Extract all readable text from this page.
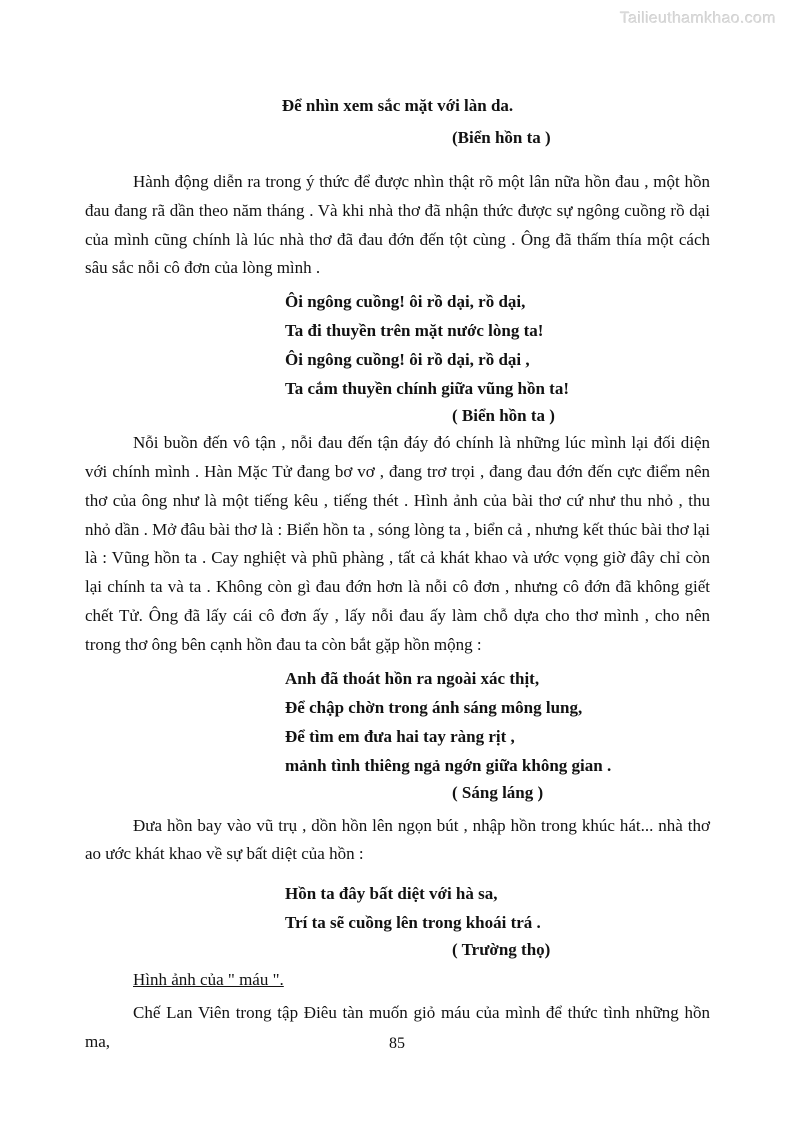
Tailieuthamkhao.com
Để nhìn xem sắc mặt với làn da.
(Biển hồn ta )

Hành động diễn ra trong ý thức để được nhìn thật rõ một lân nữa hồn đau , một hồn đau đang rã dần theo năm tháng . Và khi nhà thơ đã nhận thức được sự ngông cuồng rồ dại của mình cũng chính là lúc nhà thơ đã đau đớn đến tột cùng . Ông đã thấm thía một cách sâu sắc nỗi cô đơn của lòng mình .

Ôi ngông cuồng! ôi rồ dại, rồ dại,
Ta đi thuyền trên mặt nước lòng ta!
Ôi ngông cuồng! ôi rồ dại, rồ dại ,
Ta cắm thuyền chính giữa vũng hồn ta!
( Biển hồn ta )

Nỗi buồn đến vô tận , nỗi đau đến tận đáy đó chính là những lúc mình lại đối diện với chính mình . Hàn Mặc Tử đang bơ vơ , đang trơ trọi , đang đau đớn đến cực điểm nên thơ của ông như là một tiếng kêu , tiếng thét . Hình ảnh của bài thơ cứ như thu nhỏ , thu nhỏ dần . Mở đâu bài thơ là : Biển hồn ta , sóng lòng ta , biển cả , nhưng kết thúc bài thơ lại là : Vũng hồn ta . Cay nghiệt và phũ phàng , tất cả khát khao và ước vọng giờ đây chỉ còn lại chính ta và ta . Không còn gì đau đớn hơn là nỗi cô đơn , nhưng cô đớn đã không giết chết Tử. Ông đã lấy cái cô đơn ấy , lấy nỗi đau ấy làm chỗ dựa cho thơ mình , cho nên trong thơ ông bên cạnh hồn đau ta còn bắt gặp hồn mộng :

Anh đã thoát hồn ra ngoài xác thịt,
Để chập chờn trong ánh sáng mông lung,
Để tìm em đưa hai tay ràng rịt ,
mảnh tình thiêng ngả ngớn giữa không gian .
( Sáng láng )

Đưa hồn bay vào vũ trụ , dồn hồn lên ngọn bút , nhập hồn trong khúc hát... nhà thơ ao ước khát khao về sự bất diệt của hồn :

Hồn ta đây bất diệt với hà sa,
Trí ta sẽ cuồng lên trong khoái trá .
( Trường thọ)

Hình ảnh của " máu ".

Chế Lan Viên trong tập Điêu tàn muốn giỏ máu của mình để thức tình những hồn ma,	85
